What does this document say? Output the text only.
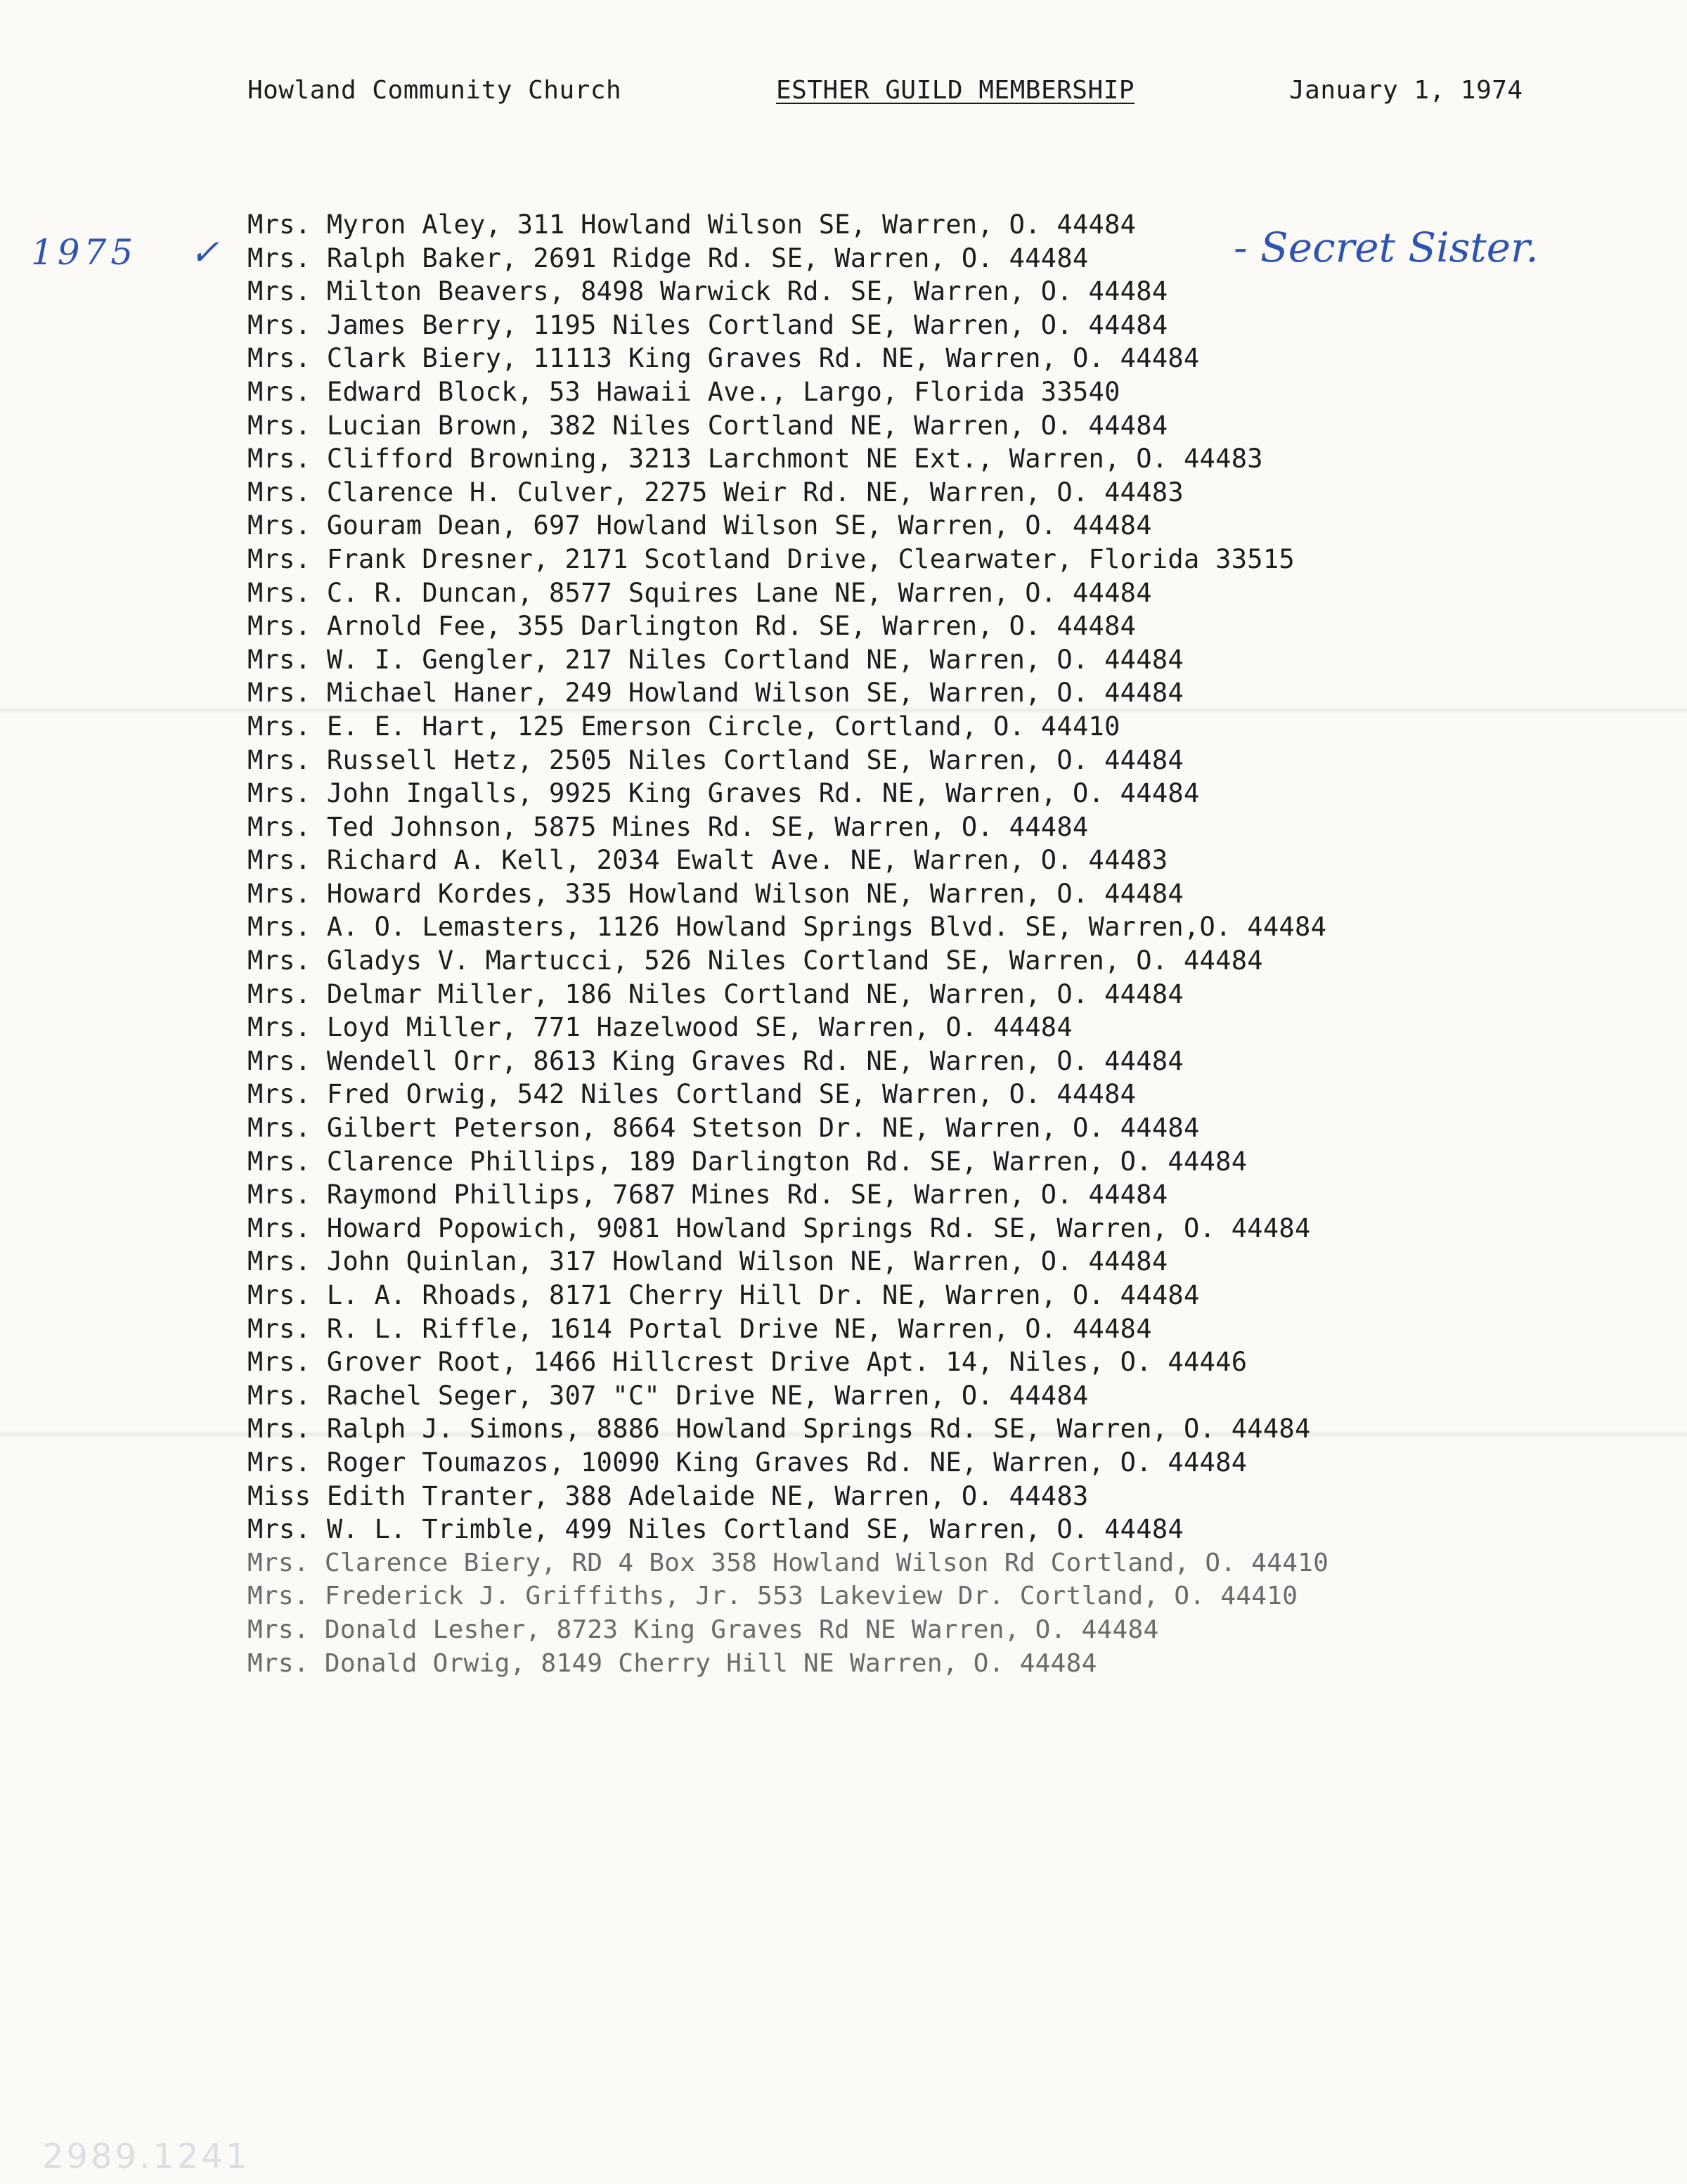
Howland Community Church	ESTHER GUILD MEMBERSHIP	January 1, 1974
1975 ✓	- Secret Sister.
Mrs. Myron Aley, 311 Howland Wilson SE, Warren, O. 44484
Mrs. Ralph Baker, 2691 Ridge Rd. SE, Warren, O. 44484
Mrs. Milton Beavers, 8498 Warwick Rd. SE, Warren, O. 44484
Mrs. James Berry, 1195 Niles Cortland SE, Warren, O. 44484
Mrs. Clark Biery, 11113 King Graves Rd. NE, Warren, O. 44484
Mrs. Edward Block, 53 Hawaii Ave., Largo, Florida 33540
Mrs. Lucian Brown, 382 Niles Cortland NE, Warren, O. 44484
Mrs. Clifford Browning, 3213 Larchmont NE Ext., Warren, O. 44483
Mrs. Clarence H. Culver, 2275 Weir Rd. NE, Warren, O. 44483
Mrs. Gouram Dean, 697 Howland Wilson SE, Warren, O. 44484
Mrs. Frank Dresner, 2171 Scotland Drive, Clearwater, Florida 33515
Mrs. C. R. Duncan, 8577 Squires Lane NE, Warren, O. 44484
Mrs. Arnold Fee, 355 Darlington Rd. SE, Warren, O. 44484
Mrs. W. I. Gengler, 217 Niles Cortland NE, Warren, O. 44484
Mrs. Michael Haner, 249 Howland Wilson SE, Warren, O. 44484
Mrs. E. E. Hart, 125 Emerson Circle, Cortland, O. 44410
Mrs. Russell Hetz, 2505 Niles Cortland SE, Warren, O. 44484
Mrs. John Ingalls, 9925 King Graves Rd. NE, Warren, O. 44484
Mrs. Ted Johnson, 5875 Mines Rd. SE, Warren, O. 44484
Mrs. Richard A. Kell, 2034 Ewalt Ave. NE, Warren, O. 44483
Mrs. Howard Kordes, 335 Howland Wilson NE, Warren, O. 44484
Mrs. A. O. Lemasters, 1126 Howland Springs Blvd. SE, Warren,O. 44484
Mrs. Gladys V. Martucci, 526 Niles Cortland SE, Warren, O. 44484
Mrs. Delmar Miller, 186 Niles Cortland NE, Warren, O. 44484
Mrs. Loyd Miller, 771 Hazelwood SE, Warren, O. 44484
Mrs. Wendell Orr, 8613 King Graves Rd. NE, Warren, O. 44484
Mrs. Fred Orwig, 542 Niles Cortland SE, Warren, O. 44484
Mrs. Gilbert Peterson, 8664 Stetson Dr. NE, Warren, O. 44484
Mrs. Clarence Phillips, 189 Darlington Rd. SE, Warren, O. 44484
Mrs. Raymond Phillips, 7687 Mines Rd. SE, Warren, O. 44484
Mrs. Howard Popowich, 9081 Howland Springs Rd. SE, Warren, O. 44484
Mrs. John Quinlan, 317 Howland Wilson NE, Warren, O. 44484
Mrs. L. A. Rhoads, 8171 Cherry Hill Dr. NE, Warren, O. 44484
Mrs. R. L. Riffle, 1614 Portal Drive NE, Warren, O. 44484
Mrs. Grover Root, 1466 Hillcrest Drive Apt. 14, Niles, O. 44446
Mrs. Rachel Seger, 307 "C" Drive NE, Warren, O. 44484
Mrs. Ralph J. Simons, 8886 Howland Springs Rd. SE, Warren, O. 44484
Mrs. Roger Toumazos, 10090 King Graves Rd. NE, Warren, O. 44484
Miss Edith Tranter, 388 Adelaide NE, Warren, O. 44483
Mrs. W. L. Trimble, 499 Niles Cortland SE, Warren, O. 44484
Mrs. Clarence Biery, RD 4 Box 358 Howland Wilson Rd Cortland, O. 44410
Mrs. Frederick J. Griffiths, Jr. 553 Lakeview Dr. Cortland, O. 44410
Mrs. Donald Lesher, 8723 King Graves Rd NE Warren, O. 44484
Mrs. Donald Orwig, 8149 Cherry Hill NE Warren, O. 44484
2989.1241
